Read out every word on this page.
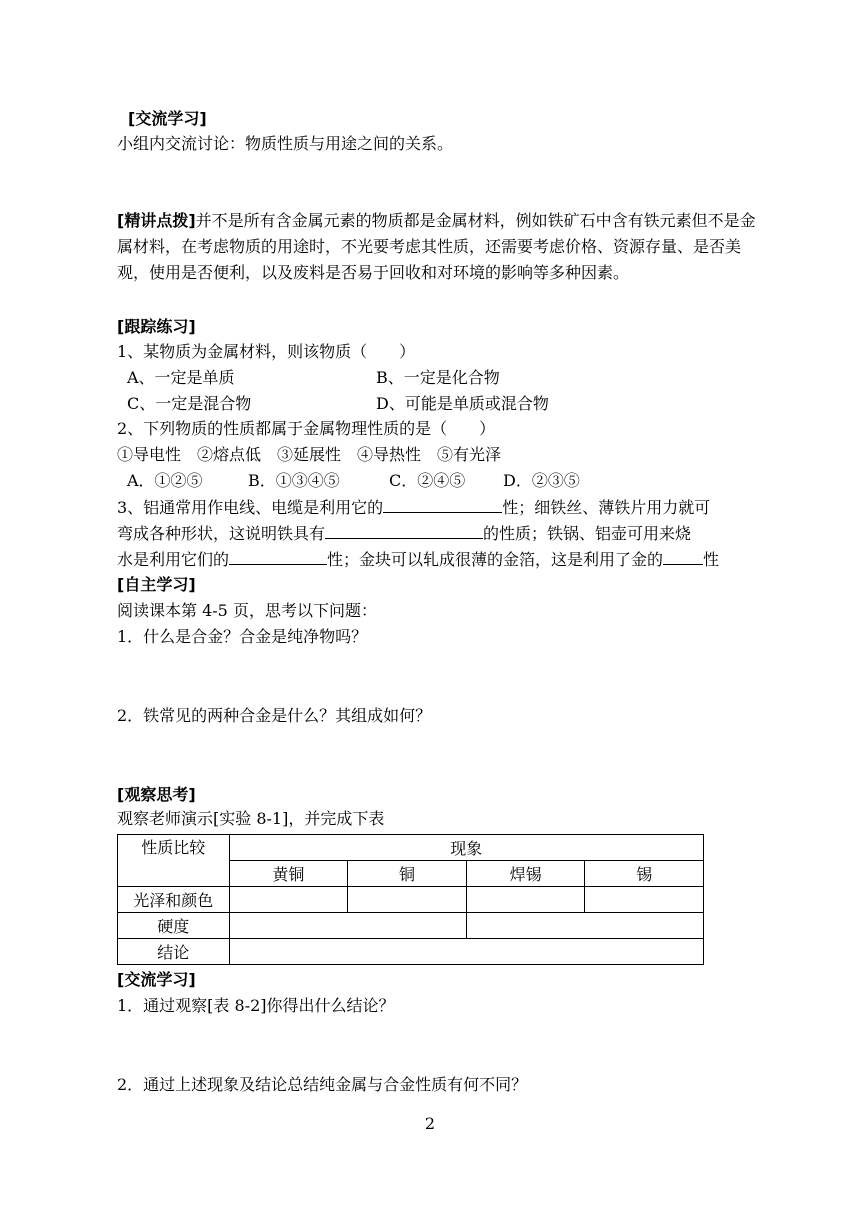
[交流学习]
小组内交流讨论：物质性质与用途之间的关系。
[精讲点拨]并不是所有含金属元素的物质都是金属材料，例如铁矿石中含有铁元素但不是金属材料，在考虑物质的用途时，不光要考虑其性质，还需要考虑价格、资源存量、是否美观，使用是否便利，以及废料是否易于回收和对环境的影响等多种因素。
[跟踪练习]
1、某物质为金属材料，则该物质（　　）
A、一定是单质	B、一定是化合物
C、一定是混合物	D、可能是单质或混合物
2、下列物质的性质都属于金属物理性质的是（　　）
①导电性　②熔点低　③延展性　④导热性　⑤有光泽
A．①②⑤	B．①③④⑤	C．②④⑤ D．②③⑤
3、铝通常用作电线、电缆是利用它的	性；细铁丝、薄铁片用力就可
弯成各种形状，这说明铁具有	的性质；铁锅、铝壶可用来烧
水是利用它们的	性；金块可以轧成很薄的金箔，这是利用了金的	性
[自主学习]
阅读课本第 4-5 页，思考以下问题：
1．什么是合金？合金是纯净物吗？
2．铁常见的两种合金是什么？其组成如何？
[观察思考]
观察老师演示[实验 8-1]，并完成下表
性质比较	现象			
	黄铜	铜	焊锡	锡
光泽和颜色				
硬度				
结论				
[交流学习]
1．通过观察[表 8-2]你得出什么结论？
2．通过上述现象及结论总结纯金属与合金性质有何不同？
2
